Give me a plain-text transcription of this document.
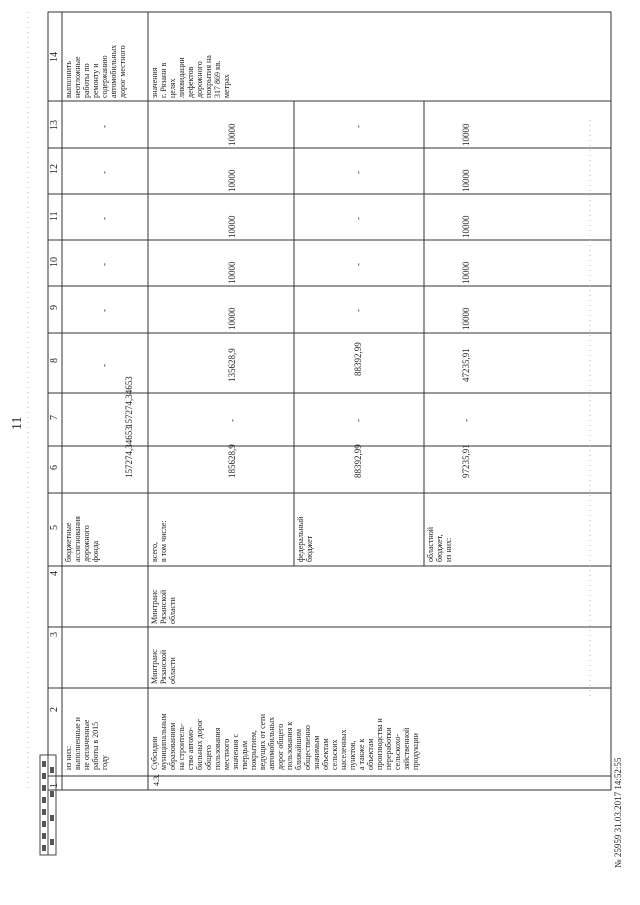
11
1
2
3
4
5
6
7
8
9
10
11
12
13
14
из них: выполненные и не оплаченные работы в 2015 году
бюджетные ассигнования дорожного фонда
157274,34653
157274,34653
-
-
-
-
-
-
выполнить неотложные работы по ремонту и содержанию автомобильных дорог местного
4.3.
Субсидии муниципальным образованиям на строитель- ство автомо- бильных дорог общего пользования местного значения с твердым покрытием, ведущих от сети автомобильных дорог общего пользования к ближайшим общественно значимым объектам сельских населенных пунктов, а также к объектам производства и переработки сельскохо- зяйственной продукции
Минтранс Рязанской области
Минтранс Рязанской области
всего, в том числе:
185628,9
-
135628,9
10000
10000
10000
10000
10000
значения г. Рязани в целях ликвидации дефектов дорожного покрытия на 317 869 кв. метрах
федеральный бюджет
88392,99
-
88392,99
-
-
-
-
-
областной бюджет, из них:
97235,91
-
47235,91
10000
10000
10000
10000
10000
№ 25959 31.03.2017 14:52:55
